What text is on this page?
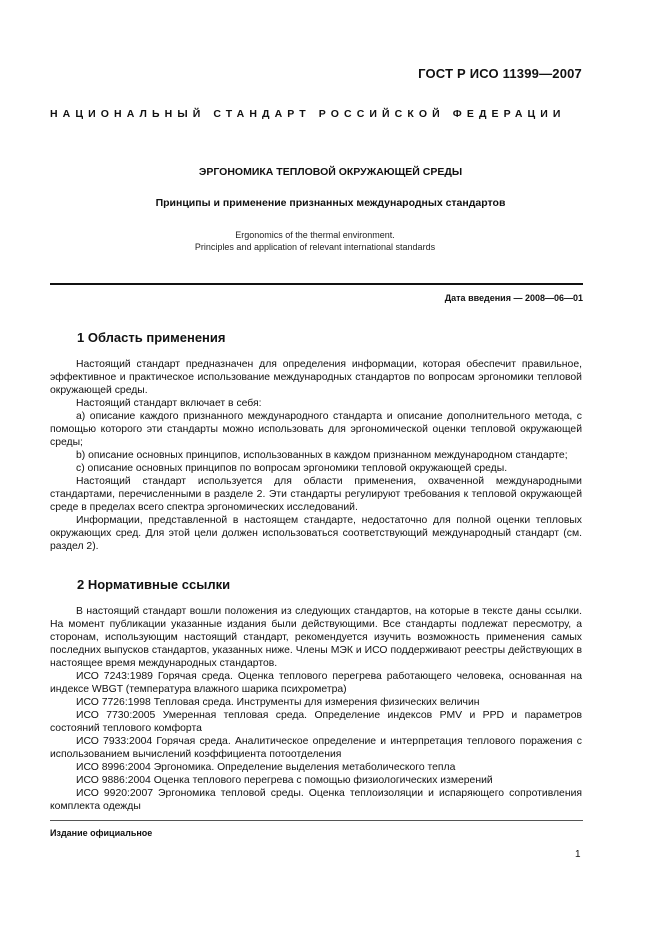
ГОСТ Р ИСО 11399—2007
НАЦИОНАЛЬНЫЙ СТАНДАРТ РОССИЙСКОЙ ФЕДЕРАЦИИ
ЭРГОНОМИКА ТЕПЛОВОЙ ОКРУЖАЮЩЕЙ СРЕДЫ
Принципы и применение признанных международных стандартов
Ergonomics of the thermal environment.
Principles and application of relevant international standards
Дата введения — 2008—06—01
1 Область применения

Настоящий стандарт предназначен для определения информации, которая обеспечит правильное, эффективное и практическое использование международных стандартов по вопросам эргономики тепловой окружающей среды.

Настоящий стандарт включает в себя:

a) описание каждого признанного международного стандарта и описание дополнительного метода, с помощью которого эти стандарты можно использовать для эргономической оценки тепловой окружающей среды;

b) описание основных принципов, использованных в каждом признанном международном стандарте;

c) описание основных принципов по вопросам эргономики тепловой окружающей среды.

Настоящий стандарт используется для области применения, охваченной международными стандартами, перечисленными в разделе 2. Эти стандарты регулируют требования к тепловой окружающей среде в пределах всего спектра эргономических исследований.

Информации, представленной в настоящем стандарте, недостаточно для полной оценки тепловых окружающих сред. Для этой цели должен использоваться соответствующий международный стандарт (см. раздел 2).

2 Нормативные ссылки

В настоящий стандарт вошли положения из следующих стандартов, на которые в тексте даны ссылки. На момент публикации указанные издания были действующими. Все стандарты подлежат пересмотру, а сторонам, использующим настоящий стандарт, рекомендуется изучить возможность применения самых последних выпусков стандартов, указанных ниже. Члены МЭК и ИСО поддерживают реестры действующих в настоящее время международных стандартов.

ИСО 7243:1989 Горячая среда. Оценка теплового перегрева работающего человека, основанная на индексе WBGT (температура влажного шарика психрометра)

ИСО 7726:1998 Тепловая среда. Инструменты для измерения физических величин

ИСО 7730:2005 Умеренная тепловая среда. Определение индексов PMV и PPD и параметров состояний теплового комфорта

ИСО 7933:2004 Горячая среда. Аналитическое определение и интерпретация теплового поражения с использованием вычислений коэффициента потоотделения

ИСО 8996:2004 Эргономика. Определение выделения метаболического тепла

ИСО 9886:2004 Оценка теплового перегрева с помощью физиологических измерений

ИСО 9920:2007 Эргономика тепловой среды. Оценка теплоизоляции и испаряющего сопротивления комплекта одежды

Издание официальное
1
